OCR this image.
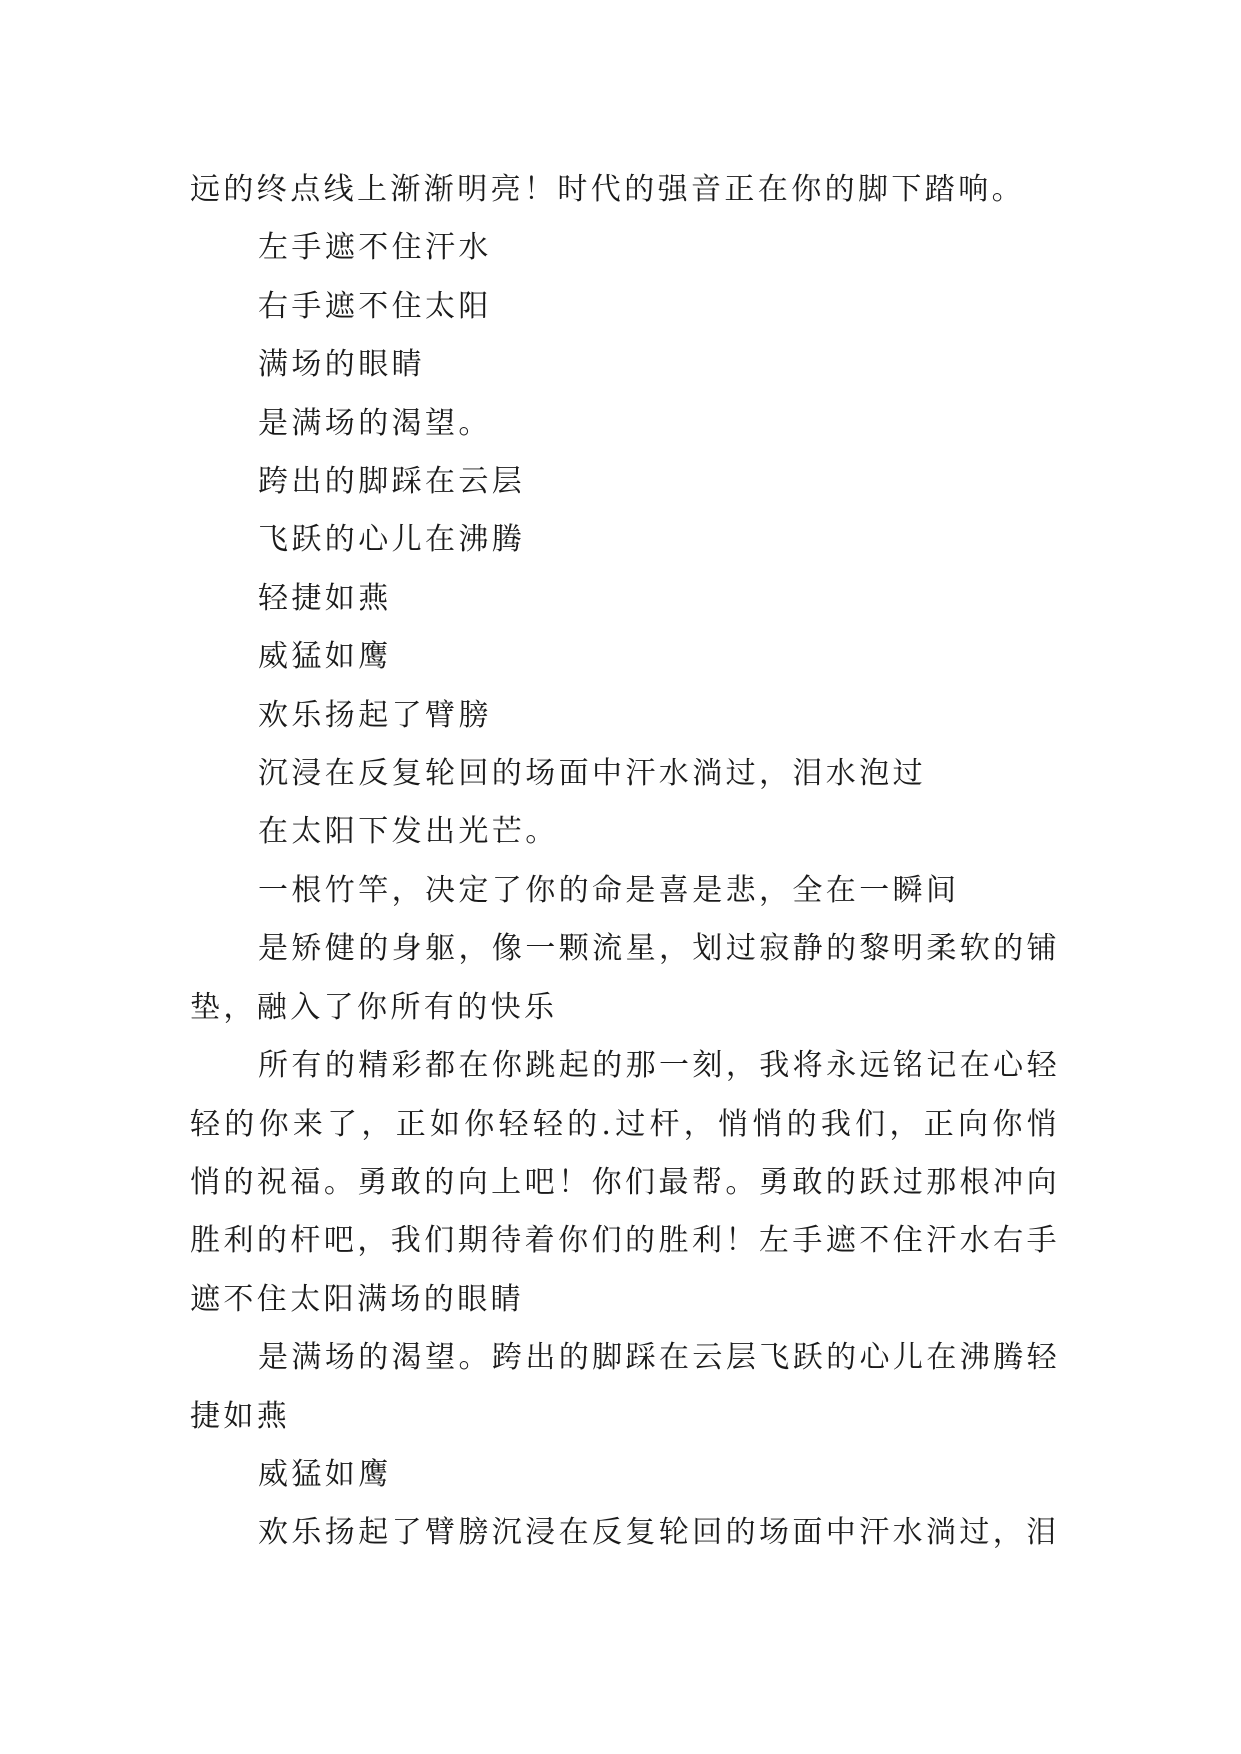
远的终点线上渐渐明亮！时代的强音正在你的脚下踏响。

左手遮不住汗水

右手遮不住太阳

满场的眼睛

是满场的渴望。

跨出的脚踩在云层

飞跃的心儿在沸腾

轻捷如燕

威猛如鹰

欢乐扬起了臂膀

沉浸在反复轮回的场面中汗水淌过，泪水泡过

在太阳下发出光芒。

一根竹竿，决定了你的命是喜是悲，全在一瞬间

是矫健的身躯，像一颗流星，划过寂静的黎明柔软的铺垫，融入了你所有的快乐

所有的精彩都在你跳起的那一刻，我将永远铭记在心轻轻的你来了，正如你轻轻的.过杆，悄悄的我们，正向你悄悄的祝福。勇敢的向上吧！你们最帮。勇敢的跃过那根冲向胜利的杆吧，我们期待着你们的胜利！左手遮不住汗水右手遮不住太阳满场的眼睛

是满场的渴望。跨出的脚踩在云层飞跃的心儿在沸腾轻捷如燕

威猛如鹰

欢乐扬起了臂膀沉浸在反复轮回的场面中汗水淌过，泪
